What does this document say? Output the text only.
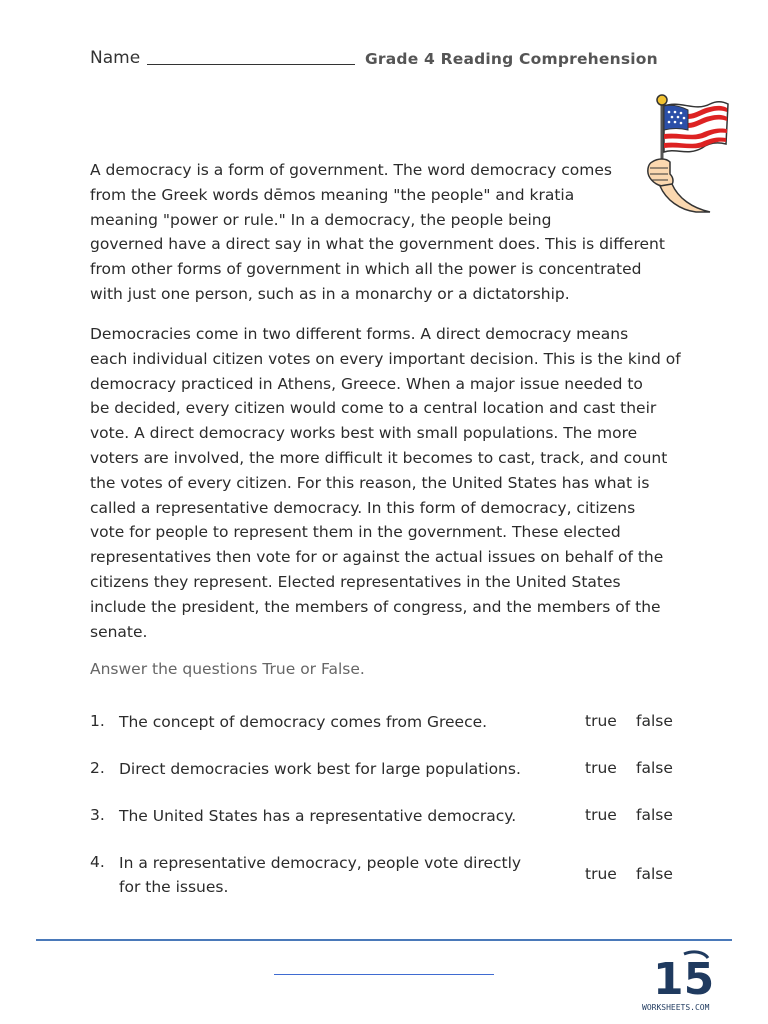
Name	Grade 4 Reading Comprehension
A democracy is a form of government. The word democracy comes
from the Greek words dēmos meaning "the people" and kratia
meaning "power or rule." In a democracy, the people being
governed have a direct say in what the government does. This is different
from other forms of government in which all the power is concentrated
with just one person, such as in a monarchy or a dictatorship.
Democracies come in two different forms. A direct democracy means
each individual citizen votes on every important decision. This is the kind of
democracy practiced in Athens, Greece. When a major issue needed to
be decided, every citizen would come to a central location and cast their
vote. A direct democracy works best with small populations. The more
voters are involved, the more difficult it becomes to cast, track, and count
the votes of every citizen. For this reason, the United States has what is
called a representative democracy. In this form of democracy, citizens
vote for people to represent them in the government. These elected
representatives then vote for or against the actual issues on behalf of the
citizens they represent. Elected representatives in the United States
include the president, the members of congress, and the members of the
senate.
Answer the questions True or False.
1. The concept of democracy comes from Greece.	true false
2. Direct democracies work best for large populations.	true false
3. The United States has a representative democracy.	true false
4. In a representative democracy, people vote directly
for the issues.
true false
15
WORKSHEETS.COM
